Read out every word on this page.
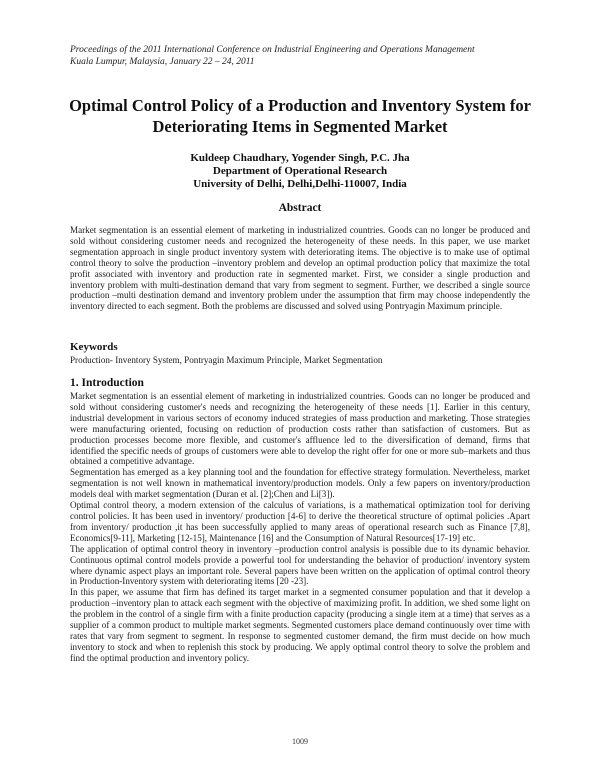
Proceedings of the 2011 International Conference on Industrial Engineering and Operations Management
Kuala Lumpur, Malaysia, January 22 – 24, 2011
Optimal Control Policy of a Production and Inventory System for
Deteriorating Items in Segmented Market
Kuldeep Chaudhary, Yogender Singh, P.C. Jha
Department of Operational Research
University of Delhi, Delhi,Delhi-110007, India
Abstract

Market segmentation is an essential element of marketing in industrialized countries. Goods can no longer be produced and sold without considering customer needs and recognized the heterogeneity of these needs. In this paper, we use market segmentation approach in single product inventory system with deteriorating items. The objective is to make use of optimal control theory to solve the production –inventory problem and develop an optimal production policy that maximize the total profit associated with inventory and production rate in segmented market. First, we consider a single production and inventory problem with multi-destination demand that vary from segment to segment. Further, we described a single source production –multi destination demand and inventory problem under the assumption that firm may choose independently the inventory directed to each segment. Both the problems are discussed and solved using Pontryagin Maximum principle.

Keywords

Production- Inventory System, Pontryagin Maximum Principle, Market Segmentation

1. Introduction

Market segmentation is an essential element of marketing in industrialized countries. Goods can no longer be produced and sold without considering customer's needs and recognizing the heterogeneity of these needs [1]. Earlier in this century, industrial development in various sectors of economy induced strategies of mass production and marketing. Those strategies were manufacturing oriented, focusing on reduction of production costs rather than satisfaction of customers. But as production processes become more flexible, and customer's affluence led to the diversification of demand, firms that identified the specific needs of groups of customers were able to develop the right offer for one or more sub–markets and thus obtained a competitive advantage.

Segmentation has emerged as a key planning tool and the foundation for effective strategy formulation. Nevertheless, market segmentation is not well known in mathematical inventory/production models. Only a few papers on inventory/production models deal with market segmentation (Duran et al. [2];Chen and Li[3]).

Optimal control theory, a modern extension of the calculus of variations, is a mathematical optimization tool for deriving control policies. It has been used in inventory/ production [4-6] to derive the theoretical structure of optimal policies .Apart from inventory/ production ,it has been successfully applied to many areas of operational research such as Finance [7,8], Economics[9-11], Marketing [12-15], Maintenance [16] and the Consumption of Natural Resources[17-19] etc.

The application of optimal control theory in inventory –production control analysis is possible due to its dynamic behavior. Continuous optimal control models provide a powerful tool for understanding the behavior of production/ inventory system where dynamic aspect plays an important role. Several papers have been written on the application of optimal control theory in Production-Inventory system with deteriorating items [20 -23].

In this paper, we assume that firm has defined its target market in a segmented consumer population and that it develop a production –inventory plan to attack each segment with the objective of maximizing profit. In addition, we shed some light on the problem in the control of a single firm with a finite production capacity (producing a single item at a time) that serves as a supplier of a common product to multiple market segments. Segmented customers place demand continuously over time with rates that vary from segment to segment. In response to segmented customer demand, the firm must decide on how much inventory to stock and when to replenish this stock by producing. We apply optimal control theory to solve the problem and find the optimal production and inventory policy.

1009
